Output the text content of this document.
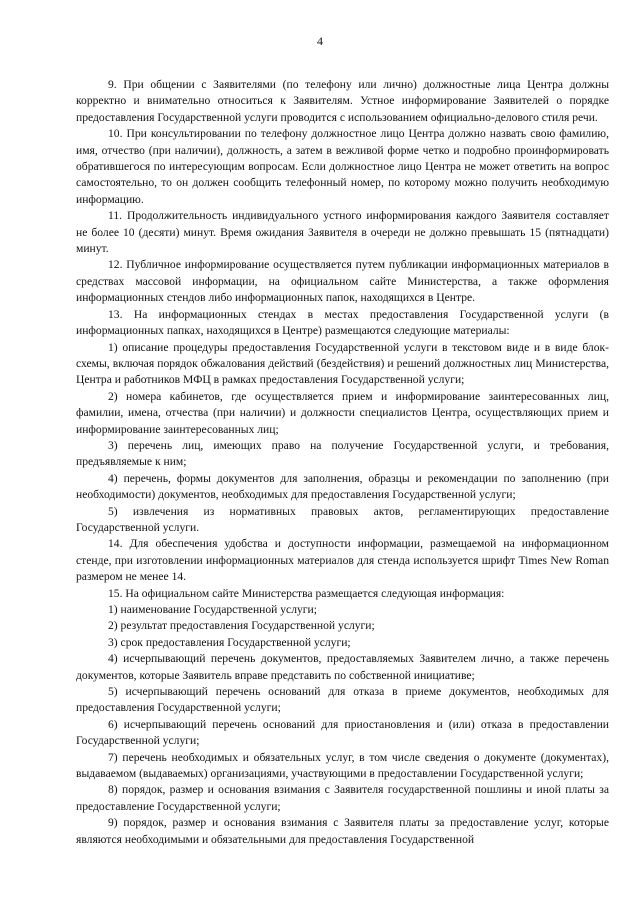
4

9. При общении с Заявителями (по телефону или лично) должностные лица Центра должны корректно и внимательно относиться к Заявителям. Устное информирование Заявителей о порядке предоставления Государственной услуги проводится с использованием официально-делового стиля речи.

10. При консультировании по телефону должностное лицо Центра должно назвать свою фамилию, имя, отчество (при наличии), должность, а затем в вежливой форме четко и подробно проинформировать обратившегося по интересующим вопросам. Если должностное лицо Центра не может ответить на вопрос самостоятельно, то он должен сообщить телефонный номер, по которому можно получить необходимую информацию.

11. Продолжительность индивидуального устного информирования каждого Заявителя составляет не более 10 (десяти) минут. Время ожидания Заявителя в очереди не должно превышать 15 (пятнадцати) минут.

12. Публичное информирование осуществляется путем публикации информационных материалов в средствах массовой информации, на официальном сайте Министерства, а также оформления информационных стендов либо информационных папок, находящихся в Центре.

13. На информационных стендах в местах предоставления Государственной услуги (в информационных папках, находящихся в Центре) размещаются следующие материалы:

1) описание процедуры предоставления Государственной услуги в текстовом виде и в виде блок-схемы, включая порядок обжалования действий (бездействия) и решений должностных лиц Министерства, Центра и работников МФЦ в рамках предоставления Государственной услуги;

2) номера кабинетов, где осуществляется прием и информирование заинтересованных лиц, фамилии, имена, отчества (при наличии) и должности специалистов Центра, осуществляющих прием и информирование заинтересованных лиц;

3) перечень лиц, имеющих право на получение Государственной услуги, и требования, предъявляемые к ним;

4) перечень, формы документов для заполнения, образцы и рекомендации по заполнению (при необходимости) документов, необходимых для предоставления Государственной услуги;

5) извлечения из нормативных правовых актов, регламентирующих предоставление Государственной услуги.

14. Для обеспечения удобства и доступности информации, размещаемой на информационном стенде, при изготовлении информационных материалов для стенда используется шрифт Times New Roman размером не менее 14.

15. На официальном сайте Министерства размещается следующая информация:

1) наименование Государственной услуги;

2) результат предоставления Государственной услуги;

3) срок предоставления Государственной услуги;

4) исчерпывающий перечень документов, предоставляемых Заявителем лично, а также перечень документов, которые Заявитель вправе представить по собственной инициативе;

5) исчерпывающий перечень оснований для отказа в приеме документов, необходимых для предоставления Государственной услуги;

6) исчерпывающий перечень оснований для приостановления и (или) отказа в предоставлении Государственной услуги;

7) перечень необходимых и обязательных услуг, в том числе сведения о документе (документах), выдаваемом (выдаваемых) организациями, участвующими в предоставлении Государственной услуги;

8) порядок, размер и основания взимания с Заявителя государственной пошлины и иной платы за предоставление Государственной услуги;

9) порядок, размер и основания взимания с Заявителя платы за предоставление услуг, которые являются необходимыми и обязательными для предоставления Государственной
